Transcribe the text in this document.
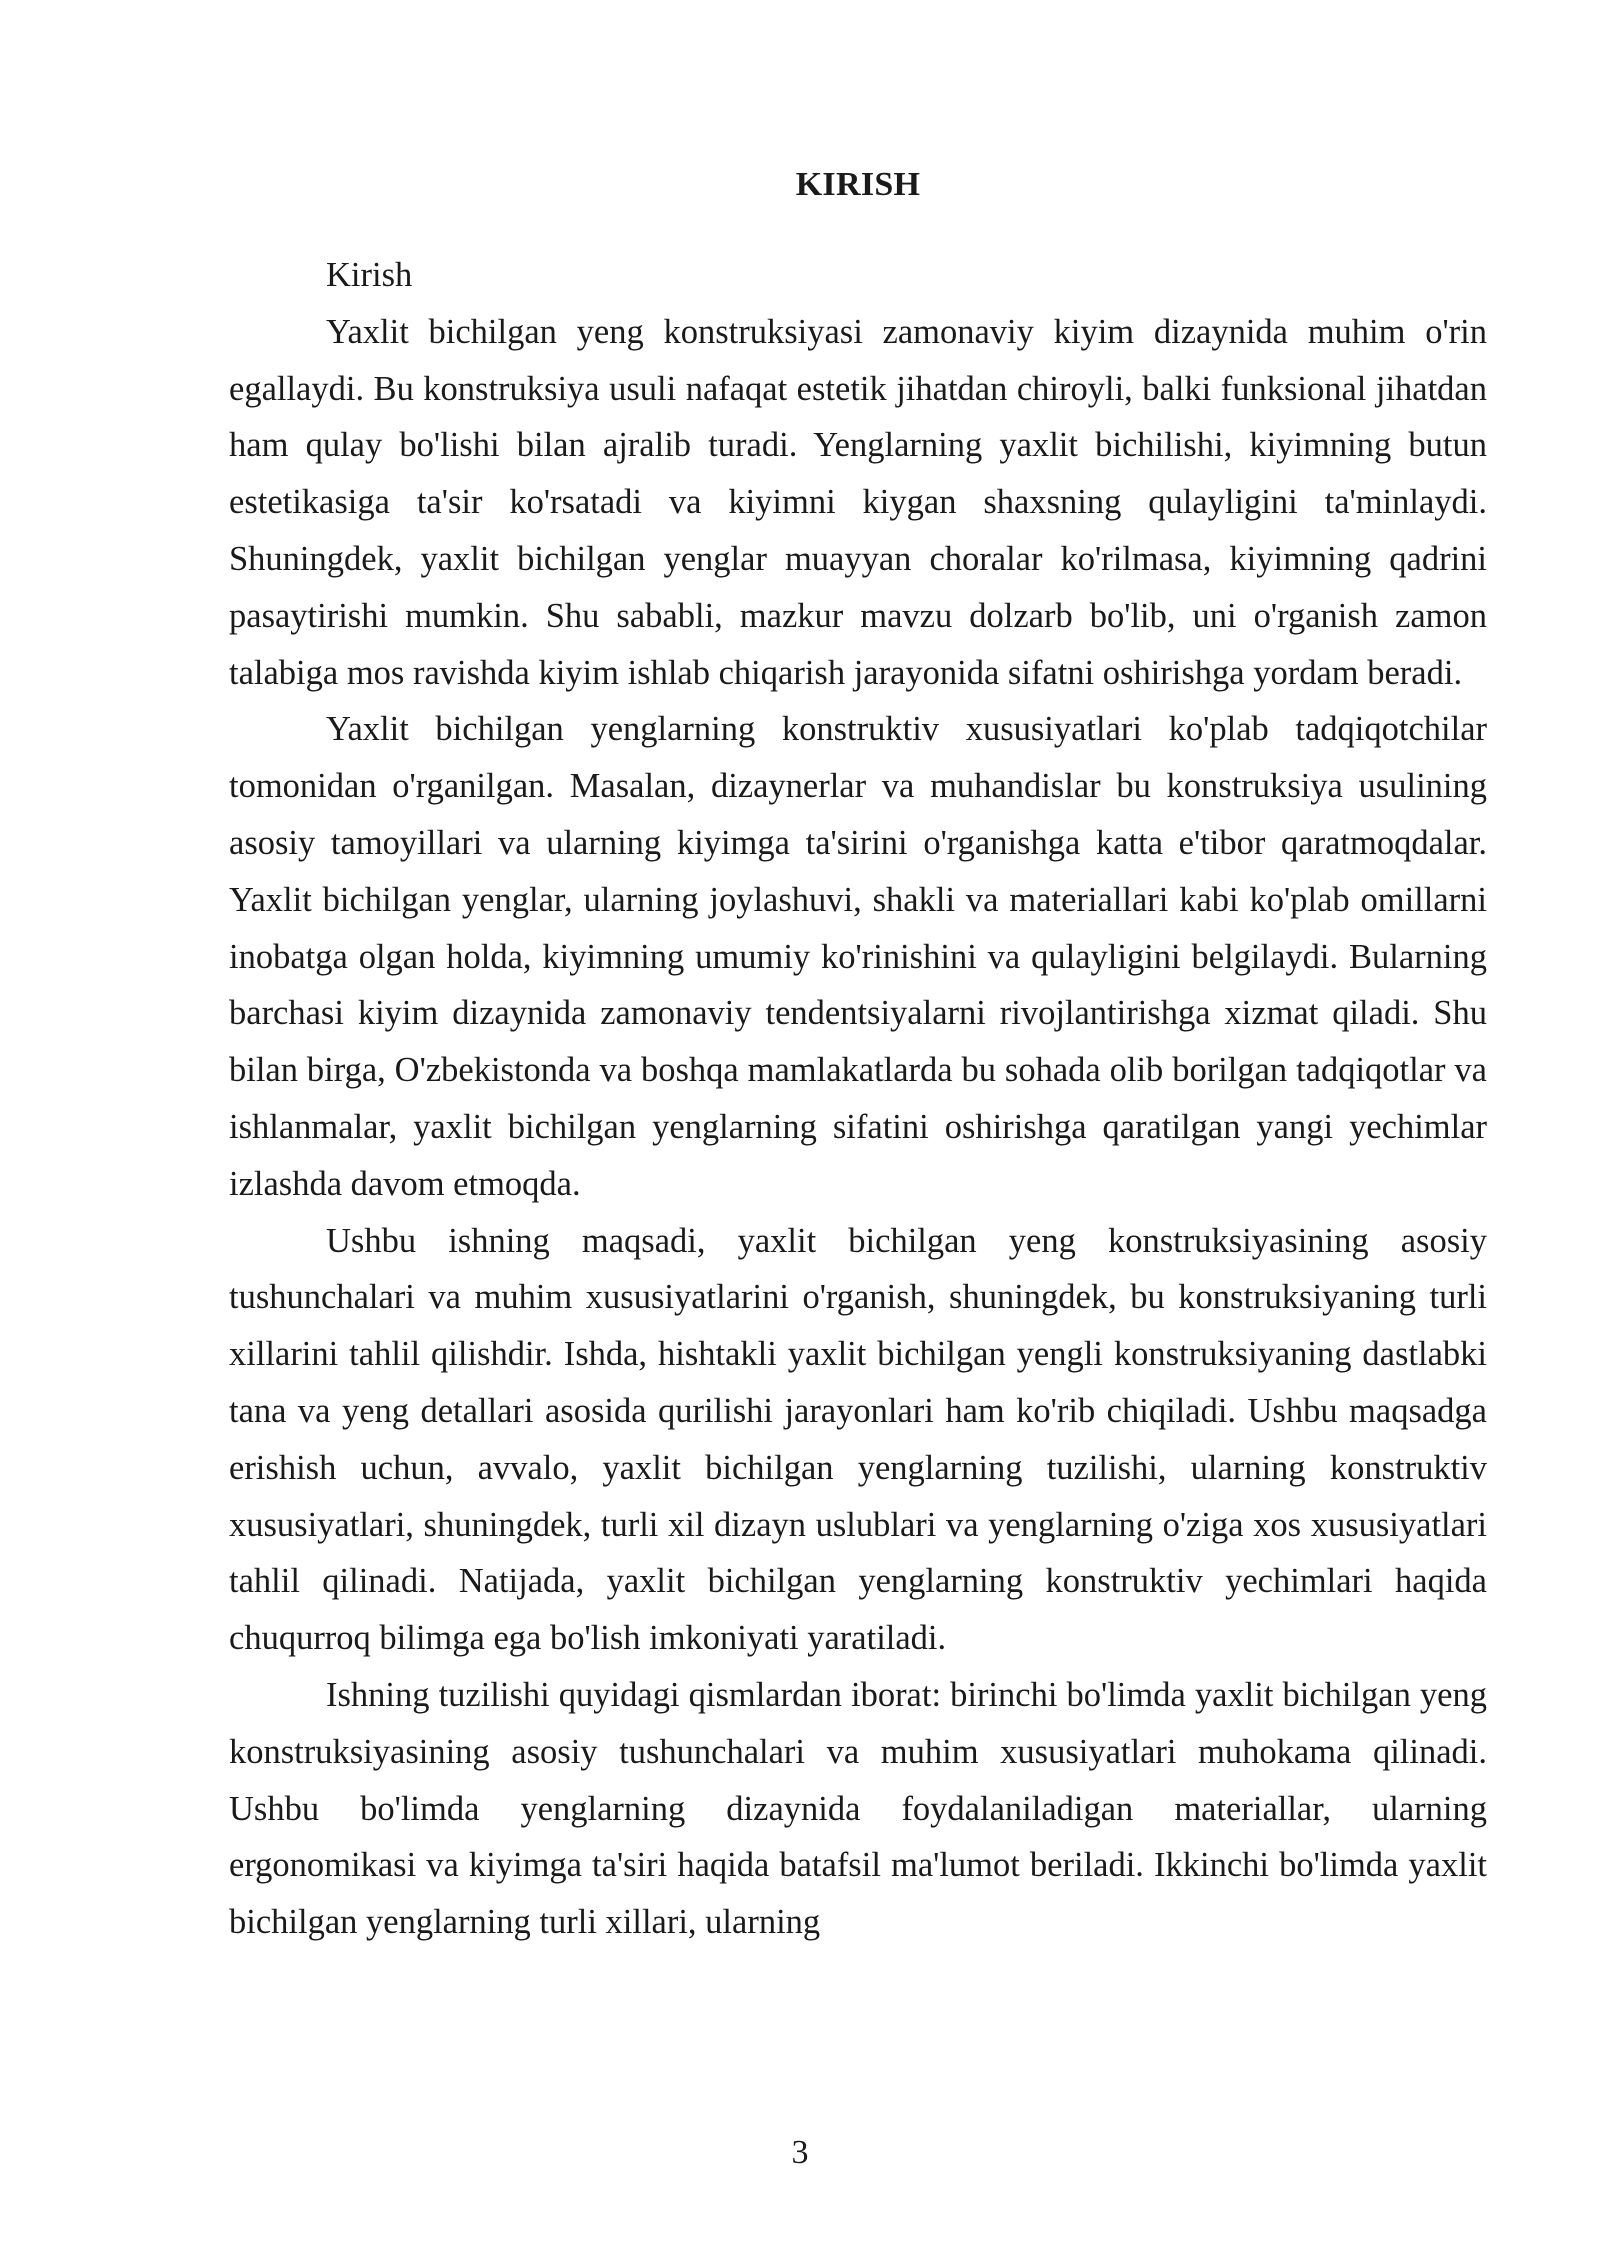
KIRISH

Kirish

Yaxlit bichilgan yeng konstruksiyasi zamonaviy kiyim dizaynida muhim o'rin egallaydi. Bu konstruksiya usuli nafaqat estetik jihatdan chiroyli, balki funksional jihatdan ham qulay bo'lishi bilan ajralib turadi. Yenglarning yaxlit bichilishi, kiyimning butun estetikasiga ta'sir ko'rsatadi va kiyimni kiygan shaxsning qulayligini ta'minlaydi. Shuningdek, yaxlit bichilgan yenglar muayyan choralar ko'rilmasa, kiyimning qadrini pasaytirishi mumkin. Shu sababli, mazkur mavzu dolzarb bo'lib, uni o'rganish zamon talabiga mos ravishda kiyim ishlab chiqarish jarayonida sifatni oshirishga yordam beradi.

Yaxlit bichilgan yenglarning konstruktiv xususiyatlari ko'plab tadqiqotchilar tomonidan o'rganilgan. Masalan, dizaynerlar va muhandislar bu konstruksiya usulining asosiy tamoyillari va ularning kiyimga ta'sirini o'rganishga katta e'tibor qaratmoqdalar. Yaxlit bichilgan yenglar, ularning joylashuvi, shakli va materiallari kabi ko'plab omillarni inobatga olgan holda, kiyimning umumiy ko'rinishini va qulayligini belgilaydi. Bularning barchasi kiyim dizaynida zamonaviy tendentsiyalarni rivojlantirishga xizmat qiladi. Shu bilan birga, O'zbekistonda va boshqa mamlakatlarda bu sohada olib borilgan tadqiqotlar va ishlanmalar, yaxlit bichilgan yenglarning sifatini oshirishga qaratilgan yangi yechimlar izlashda davom etmoqda.

Ushbu ishning maqsadi, yaxlit bichilgan yeng konstruksiyasining asosiy tushunchalari va muhim xususiyatlarini o'rganish, shuningdek, bu konstruksiyaning turli xillarini tahlil qilishdir. Ishda, hishtakli yaxlit bichilgan yengli konstruksiyaning dastlabki tana va yeng detallari asosida qurilishi jarayonlari ham ko'rib chiqiladi. Ushbu maqsadga erishish uchun, avvalo, yaxlit bichilgan yenglarning tuzilishi, ularning konstruktiv xususiyatlari, shuningdek, turli xil dizayn uslublari va yenglarning o'ziga xos xususiyatlari tahlil qilinadi. Natijada, yaxlit bichilgan yenglarning konstruktiv yechimlari haqida chuqurroq bilimga ega bo'lish imkoniyati yaratiladi.

Ishning tuzilishi quyidagi qismlardan iborat: birinchi bo'limda yaxlit bichilgan yeng konstruksiyasining asosiy tushunchalari va muhim xususiyatlari muhokama qilinadi. Ushbu bo'limda yenglarning dizaynida foydalaniladigan materiallar, ularning ergonomikasi va kiyimga ta'siri haqida batafsil ma'lumot beriladi. Ikkinchi bo'limda yaxlit bichilgan yenglarning turli xillari, ularning

3
